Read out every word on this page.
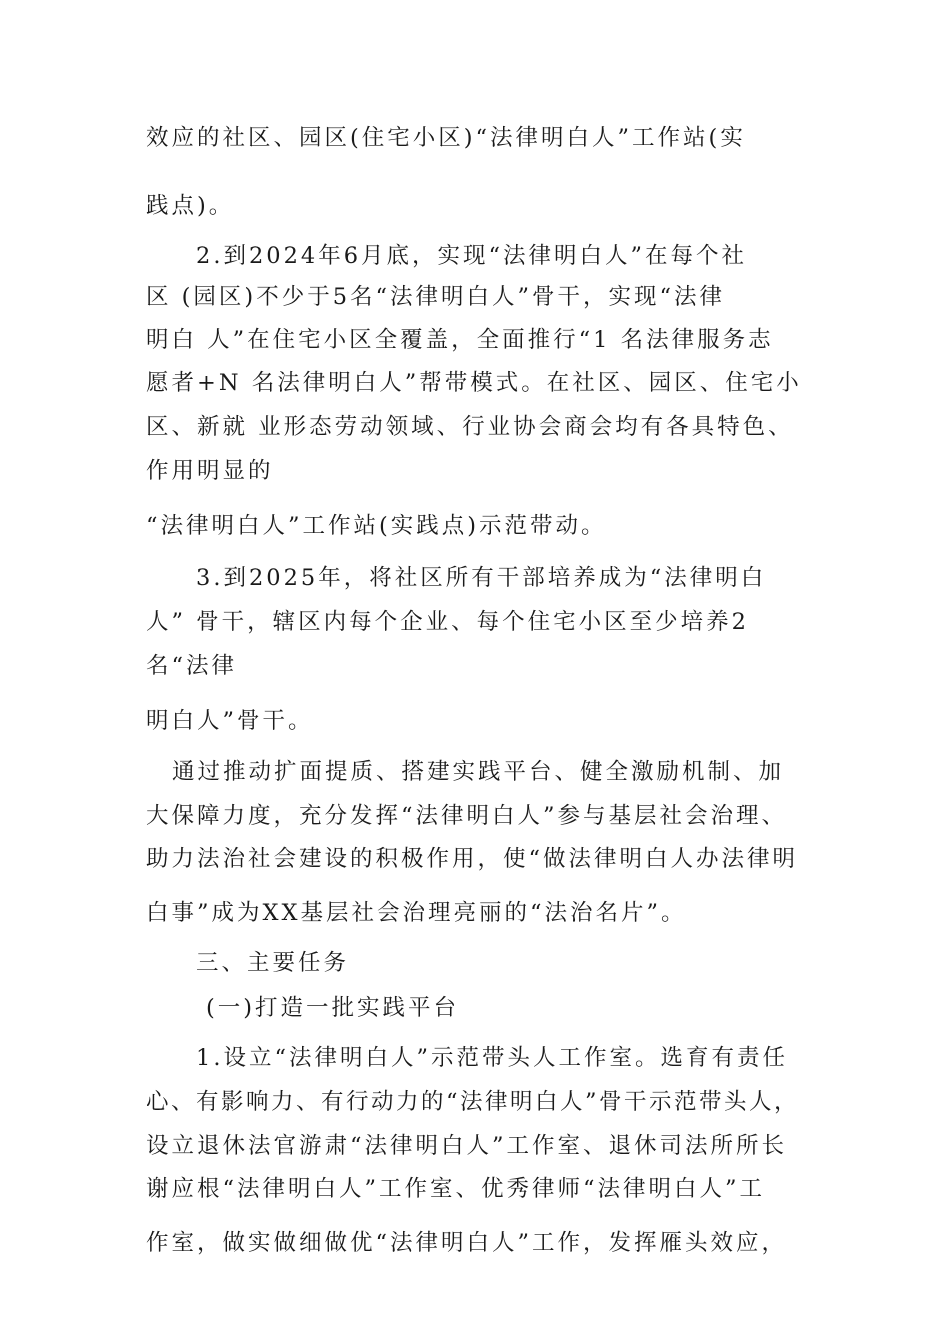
效应的社区、园区(住宅小区)“法律明白人”工作站(实
践点)。
2.到2024年6月底，实现“法律明白人”在每个社
区 (园区)不少于5名“法律明白人”骨干，实现“法律
明白 人”在住宅小区全覆盖，全面推行“1 名法律服务志
愿者+N 名法律明白人”帮带模式。在社区、园区、住宅小
区、新就 业形态劳动领域、行业协会商会均有各具特色、
作用明显的
“法律明白人”工作站(实践点)示范带动。
3.到2025年，将社区所有干部培养成为“法律明白
人” 骨干，辖区内每个企业、每个住宅小区至少培养2
名“法律
明白人”骨干。
通过推动扩面提质、搭建实践平台、健全激励机制、加
大保障力度，充分发挥“法律明白人”参与基层社会治理、
助力法治社会建设的积极作用，使“做法律明白人办法律明
白事”成为XX基层社会治理亮丽的“法治名片”。
三、主要任务
(一)打造一批实践平台
1.设立“法律明白人”示范带头人工作室。选育有责任
心、有影响力、有行动力的“法律明白人”骨干示范带头人，
设立退休法官游肃“法律明白人”工作室、退休司法所所长
谢应根“法律明白人”工作室、优秀律师“法律明白人”工
作室，做实做细做优“法律明白人”工作，发挥雁头效应，
